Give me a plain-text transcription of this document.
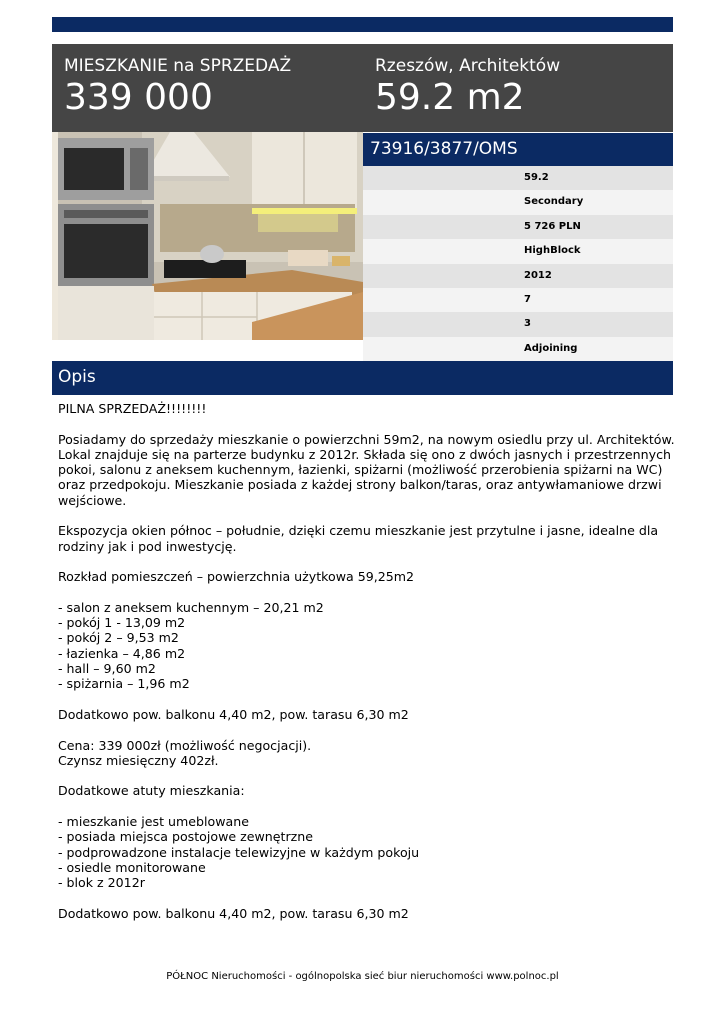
MIESZKANIE na SPRZEDAŻ
339 000
Rzeszów, Architektów
59.2 m2
73916/3877/OMS
59.2
Secondary
5 726 PLN
HighBlock
2012
7
3
Adjoining
Opis

PILNA SPRZEDAŻ!!!!!!!!

Posiadamy do sprzedaży mieszkanie o powierzchni 59m2, na nowym osiedlu przy ul. Architektów.

Lokal znajduje się na parterze budynku z 2012r. Składa się ono z dwóch jasnych i przestrzennych

pokoi, salonu z aneksem kuchennym, łazienki, spiżarni (możliwość przerobienia spiżarni na WC)

oraz przedpokoju. Mieszkanie posiada z każdej strony balkon/taras, oraz antywłamaniowe drzwi

wejściowe.

Ekspozycja okien północ – południe, dzięki czemu mieszkanie jest przytulne i jasne, idealne dla

rodziny jak i pod inwestycję.

Rozkład pomieszczeń – powierzchnia użytkowa 59,25m2

- salon z aneksem kuchennym – 20,21 m2

- pokój 1 - 13,09 m2

- pokój 2 – 9,53 m2

- łazienka – 4,86 m2

- hall – 9,60 m2

- spiżarnia – 1,96 m2

Dodatkowo pow. balkonu 4,40 m2, pow. tarasu 6,30 m2

Cena: 339 000zł (możliwość negocjacji).

Czynsz miesięczny 402zł.

Dodatkowe atuty mieszkania:

- mieszkanie jest umeblowane

- posiada miejsca postojowe zewnętrzne

- podprowadzone instalacje telewizyjne w każdym pokoju

- osiedle monitorowane

- blok z 2012r

Dodatkowo pow. balkonu 4,40 m2, pow. tarasu 6,30 m2

PÓŁNOC Nieruchomości - ogólnopolska sieć biur nieruchomości www.polnoc.pl
